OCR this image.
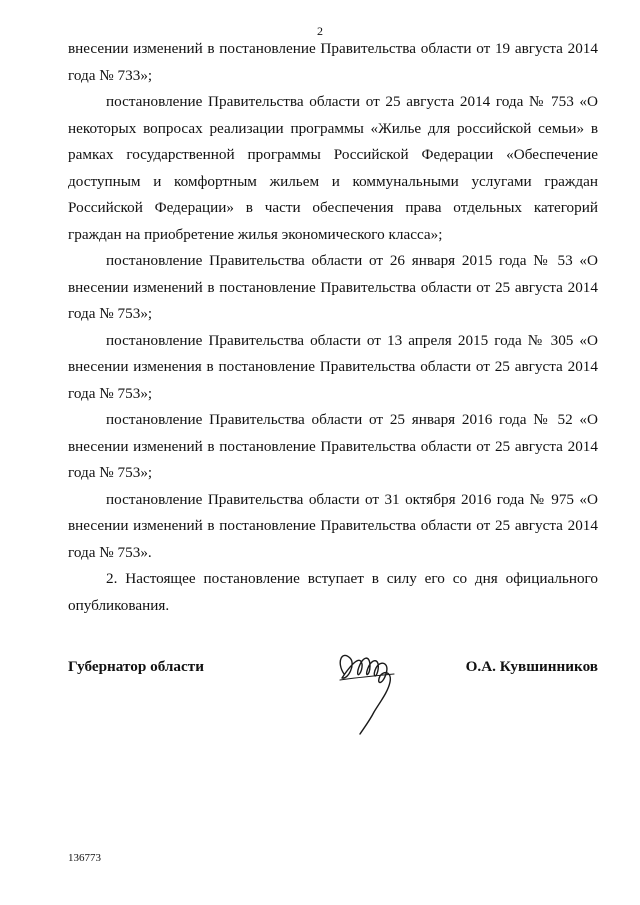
2

внесении изменений в постановление Правительства области от 19 августа 2014 года № 733»;

постановление Правительства области от 25 августа 2014 года № 753 «О некоторых вопросах реализации программы «Жилье для российской семьи» в рамках государственной программы Российской Федерации «Обеспечение доступным и комфортным жильем и коммунальными услугами граждан Российской Федерации» в части обеспечения права отдельных категорий граждан на приобретение жилья экономического класса»;

постановление Правительства области от 26 января 2015 года № 53 «О внесении изменений в постановление Правительства области от 25 августа 2014 года № 753»;

постановление Правительства области от 13 апреля 2015 года № 305 «О внесении изменения в постановление Правительства области от 25 августа 2014 года № 753»;

постановление Правительства области от 25 января 2016 года № 52 «О внесении изменений в постановление Правительства области от 25 августа 2014 года № 753»;

постановление Правительства области от 31 октября 2016 года № 975 «О внесении изменений в постановление Правительства области от 25 августа 2014 года № 753».

2. Настоящее постановление вступает в силу его со дня официального опубликования.

Губернатор области	О.А. Кувшинников
136773
